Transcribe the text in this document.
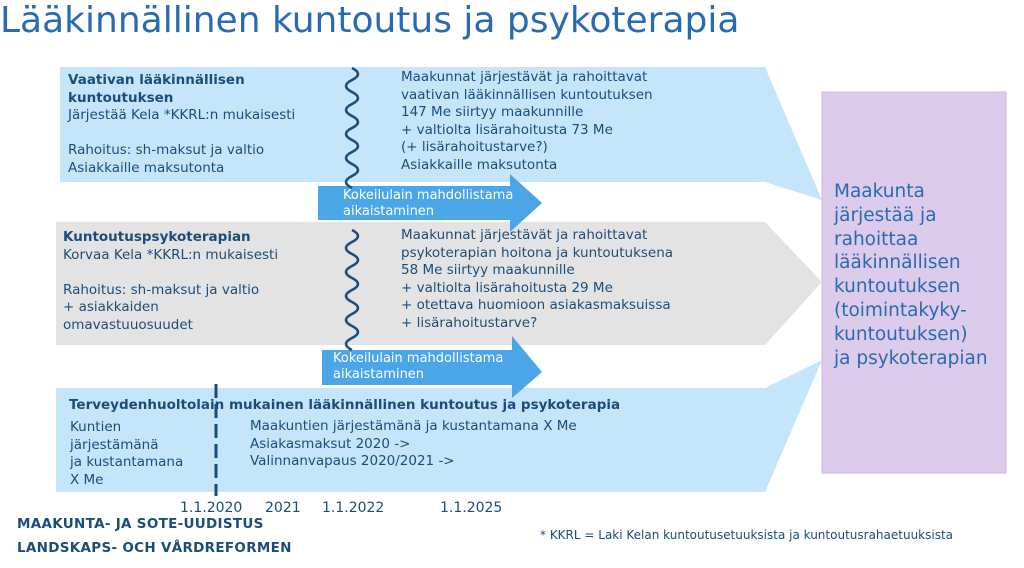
Lääkinnällinen kuntoutus ja psykoterapia
Vaativan lääkinnällisen
kuntoutuksen
Järjestää Kela *KKRL:n mukaisesti
Rahoitus: sh-maksut ja valtio
Asiakkaille maksutonta
Maakunnat järjestävät ja rahoittavat
vaativan lääkinnällisen kuntoutuksen
147 Me siirtyy maakunnille
+ valtiolta lisärahoitusta 73 Me
(+ lisärahoitustarve?)
Asiakkaille maksutonta
Kokeilulain mahdollistama
aikaistaminen
Kuntoutuspsykoterapian
Korvaa Kela *KKRL:n mukaisesti
Rahoitus: sh-maksut ja valtio
+ asiakkaiden
omavastuuosuudet
Maakunnat järjestävät ja rahoittavat
psykoterapian hoitona ja kuntoutuksena
58 Me siirtyy maakunnille
+ valtiolta lisärahoitusta 29 Me
+ otettava huomioon asiakasmaksuissa
+ lisärahoitustarve?
Kokeilulain mahdollistama
aikaistaminen
Terveydenhuoltolain mukainen lääkinnällinen kuntoutus ja psykoterapia
Kuntien
järjestämänä
ja kustantamana
X Me
Maakuntien järjestämänä ja kustantamana X Me
Asiakasmaksut 2020 ->
Valinnanvapaus 2020/2021 ->
Maakunta
järjestää ja
rahoittaa
lääkinnällisen
kuntoutuksen
(toimintakyky-
kuntoutuksen)
ja psykoterapian
1.1.2020 2021 1.1.2022	1.1.2025
MAAKUNTA- JA SOTE-UUDISTUS
LANDSKAPS- OCH VÅRDREFORMEN
* KKRL = Laki Kelan kuntoutusetuuksista ja kuntoutusrahaetuuksista
